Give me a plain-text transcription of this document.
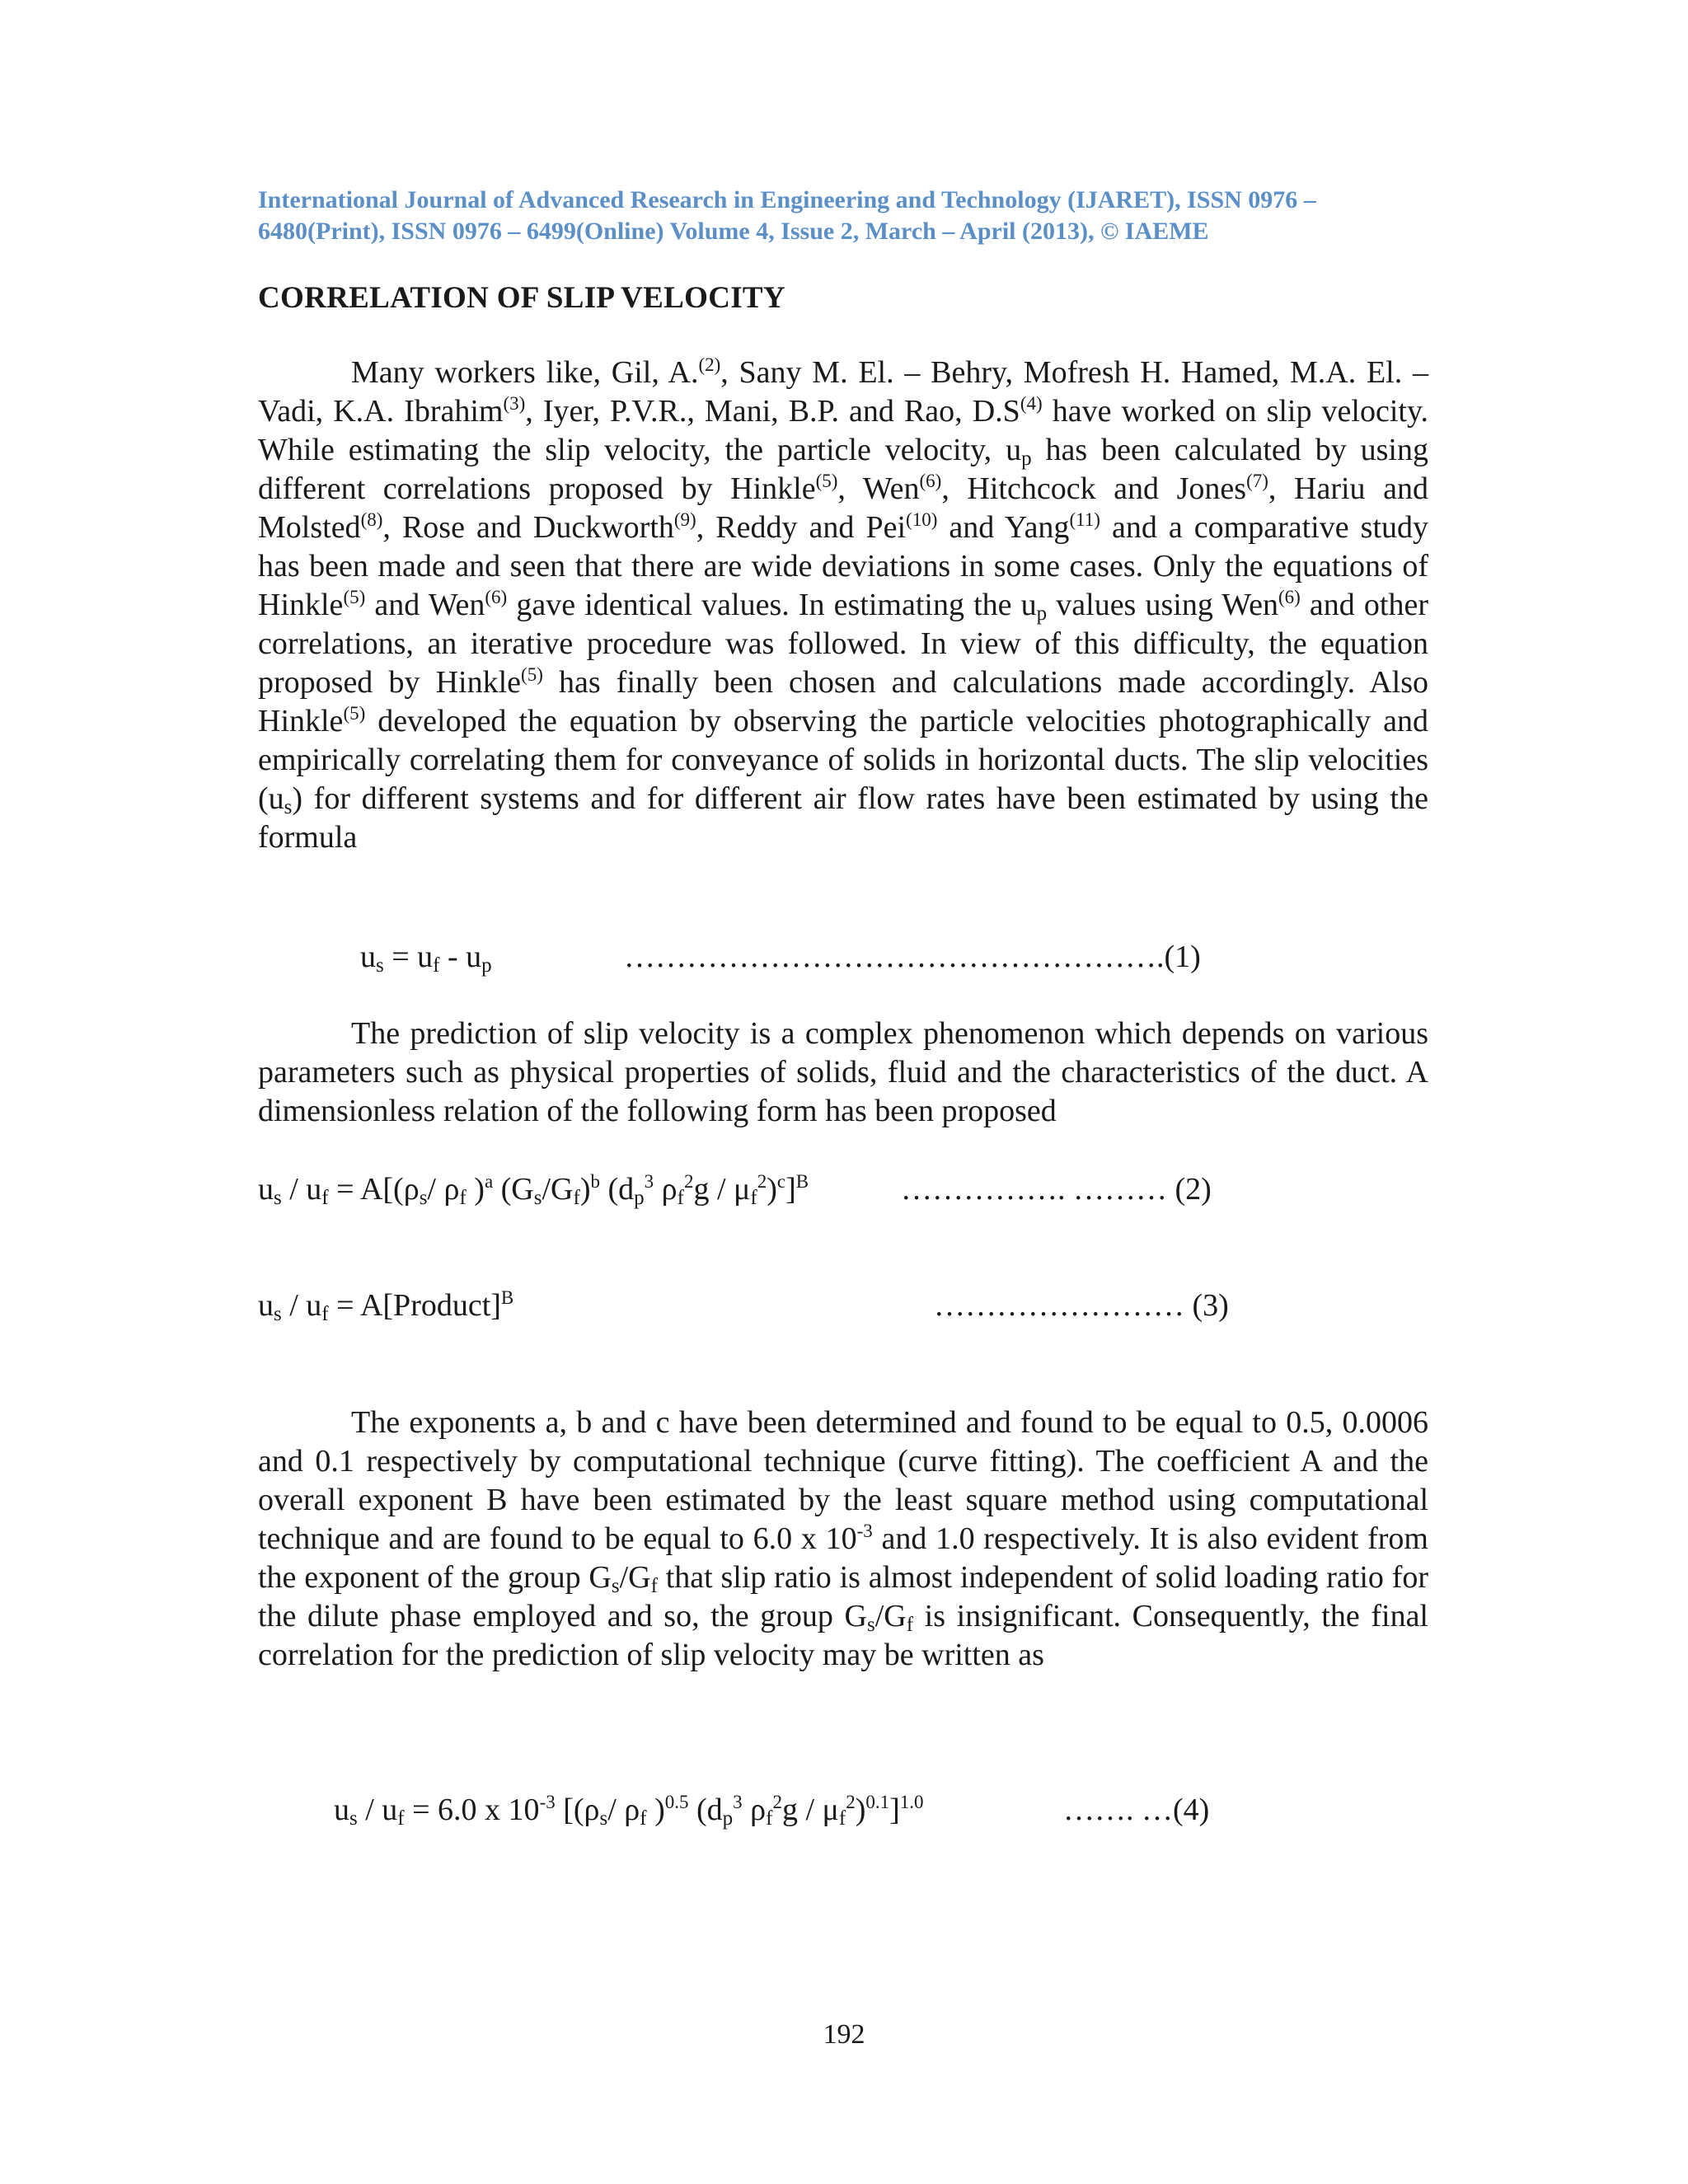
International Journal of Advanced Research in Engineering and Technology (IJARET), ISSN 0976 –
6480(Print), ISSN 0976 – 6499(Online) Volume 4, Issue 2, March – April (2013), © IAEME
CORRELATION OF SLIP VELOCITY

Many workers like, Gil, A.$^{(2)}$, Sany M. El. – Behry, Mofresh H. Hamed, M.A. El. – Vadi, K.A. Ibrahim$^{(3)}$, Iyer, P.V.R., Mani, B.P. and Rao, $D.S^{(4)}$ have worked on slip velocity. While estimating the slip velocity, the particle velocity, $u_p$ has been calculated by using different correlations proposed by Hinkle$^{(5)}$, Wen$^{(6)}$, Hitchcock and Jones$^{(7)}$, Hariu and Molsted$^{(8)}$, Rose and Duckworth$^{(9)}$, Reddy and Pei$^{(10)}$ and Yang$^{(11)}$ and a comparative study has been made and seen that there are wide deviations in some cases. Only the equations of Hinkle$^{(5)}$ and Wen$^{(6)}$ gave identical values. In estimating the $u_p$ values using Wen$^{(6)}$ and other correlations, an iterative procedure was followed. In view of this difficulty, the equation proposed by Hinkle$^{(5)}$ has finally been chosen and calculations made accordingly. Also Hinkle$^{(5)}$ developed the equation by observing the particle velocities photographically and empirically correlating them for conveyance of solids in horizontal ducts. The slip velocities $(u_s)$ for different systems and for different air flow rates have been estimated by using the formula

$u_s = u_f - u_p$	…………………………………………….(1)

The prediction of slip velocity is a complex phenomenon which depends on various parameters such as physical properties of solids, fluid and the characteristics of the duct. A dimensionless relation of the following form has been proposed

$u_s / u_f = A[(\rho_s/$ $\rho_f$ )$^a$ $(G_s/G_f)^b$ ($d_p^3$ $\rho_f^2g / \mu_f^2)^c]^B$	……………. ……… (2)
$u_s / u_f$ = A[Product]$^B$	…………………… (3)

The exponents a, b and c have been determined and found to be equal to 0.5, 0.0006 and 0.1 respectively by computational technique (curve fitting). The coefficient A and the overall exponent B have been estimated by the least square method using computational technique and are found to be equal to 6.0 x $10^{-3}$ and 1.0 respectively. It is also evident from the exponent of the group $G_s/G_f$ that slip ratio is almost independent of solid loading ratio for the dilute phase employed and so, the group $G_s/G_f$ is insignificant. Consequently, the final correlation for the prediction of slip velocity may be written as

$u_s / u_f = 6.0$ x $10^{-3}$ [($\rho_s/$ $\rho_f$ )$^{0.5}$ ($d_p^3$ $\rho_f^2g / \mu_f^2)^{0.1}]^{1.0}$	……. …(4)
192
